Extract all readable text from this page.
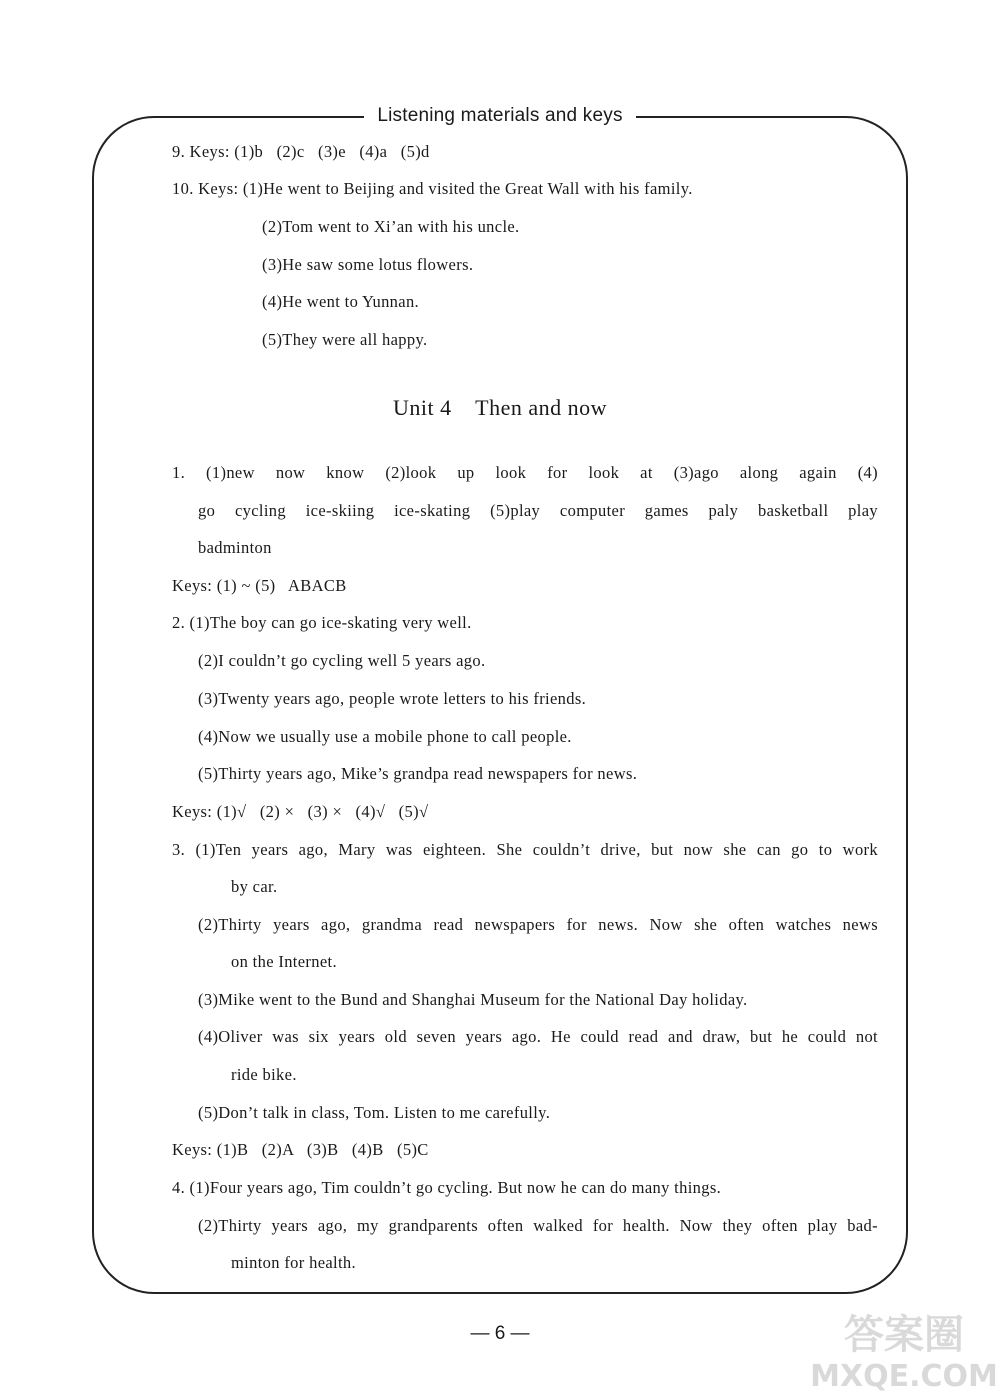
Listening materials and keys
9. Keys: (1)b   (2)c   (3)e   (4)a   (5)d
10. Keys: (1)He went to Beijing and visited the Great Wall with his family.
(2)Tom went to Xi’an with his uncle.
(3)He saw some lotus flowers.
(4)He went to Yunnan.
(5)They were all happy.
Unit 4    Then and now
1. (1)new now know (2)look up look for look at (3)ago along again (4)
go cycling ice-skiing ice-skating (5)play computer games paly basketball play
badminton
Keys: (1) ~ (5)   ABACB
2. (1)The boy can go ice-skating very well.
(2)I couldn’t go cycling well 5 years ago.
(3)Twenty years ago, people wrote letters to his friends.
(4)Now we usually use a mobile phone to call people.
(5)Thirty years ago, Mike’s grandpa read newspapers for news.
Keys: (1)√   (2) ×   (3) ×   (4)√   (5)√
3. (1)Ten years ago, Mary was eighteen. She couldn’t drive, but now she can go to work
by car.
(2)Thirty years ago, grandma read newspapers for news. Now she often watches news
on the Internet.
(3)Mike went to the Bund and Shanghai Museum for the National Day holiday.
(4)Oliver was six years old seven years ago. He could read and draw, but he could not
ride bike.
(5)Don’t talk in class, Tom. Listen to me carefully.
Keys: (1)B   (2)A   (3)B   (4)B   (5)C
4. (1)Four years ago, Tim couldn’t go cycling. But now he can do many things.
(2)Thirty years ago, my grandparents often walked for health. Now they often play bad-
minton for health.
— 6 —	答案圈
MXQE.COM
